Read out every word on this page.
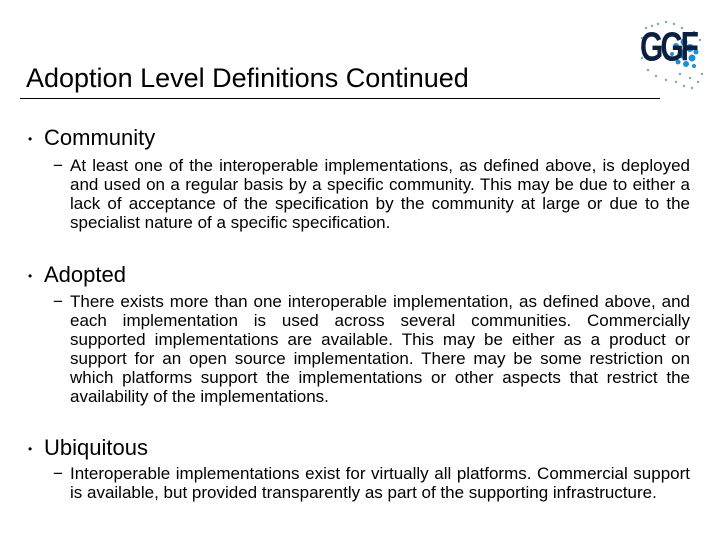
Adoption Level Definitions Continued
GGF
• Community
− At least one of the interoperable implementations, as defined above, is deployed and used on a regular basis by a specific community. This may be due to either a lack of acceptance of the specification by the community at large or due to the specialist nature of a specific specification.
• Adopted
− There exists more than one interoperable implementation, as defined above, and each implementation is used across several communities. Commercially supported implementations are available. This may be either as a product or support for an open source implementation. There may be some restriction on which platforms support the implementations or other aspects that restrict the availability of the implementations.
• Ubiquitous
− Interoperable implementations exist for virtually all platforms. Commercial support is available, but provided transparently as part of the supporting infrastructure.
